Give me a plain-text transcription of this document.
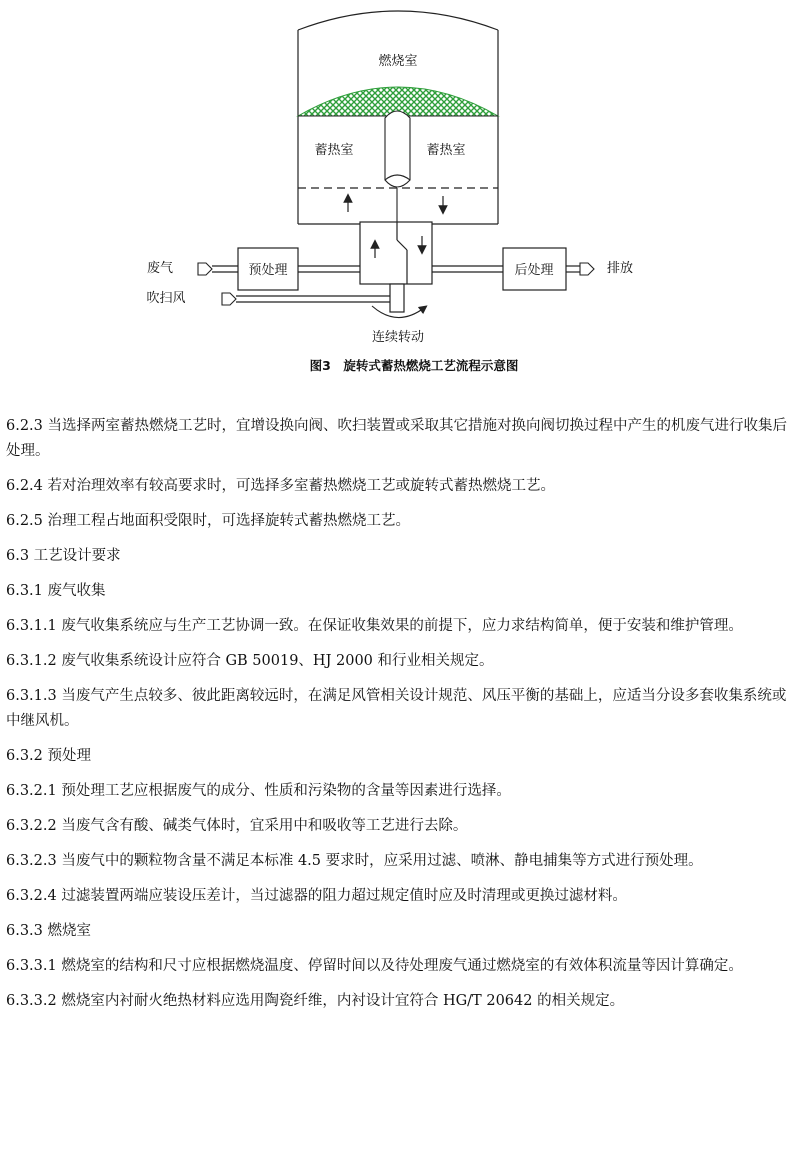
预处理	后处理
燃烧室
蓄热室	蓄热室
废气
吹扫风
排放
连续转动
图3　旋转式蓄热燃烧工艺流程示意图

6.2.3 当选择两室蓄热燃烧工艺时，宜增设换向阀、吹扫装置或采取其它措施对换向阀切换过程中产生的机废气进行收集后处理。

6.2.4 若对治理效率有较高要求时，可选择多室蓄热燃烧工艺或旋转式蓄热燃烧工艺。

6.2.5 治理工程占地面积受限时，可选择旋转式蓄热燃烧工艺。

6.3 工艺设计要求

6.3.1 废气收集

6.3.1.1 废气收集系统应与生产工艺协调一致。在保证收集效果的前提下，应力求结构简单，便于安装和维护管理。

6.3.1.2 废气收集系统设计应符合 GB 50019、HJ 2000 和行业相关规定。

6.3.1.3 当废气产生点较多、彼此距离较远时，在满足风管相关设计规范、风压平衡的基础上，应适当分设多套收集系统或中继风机。

6.3.2 预处理

6.3.2.1 预处理工艺应根据废气的成分、性质和污染物的含量等因素进行选择。

6.3.2.2 当废气含有酸、碱类气体时，宜采用中和吸收等工艺进行去除。

6.3.2.3 当废气中的颗粒物含量不满足本标准 4.5 要求时，应采用过滤、喷淋、静电捕集等方式进行预处理。

6.3.2.4 过滤装置两端应装设压差计，当过滤器的阻力超过规定值时应及时清理或更换过滤材料。

6.3.3 燃烧室

6.3.3.1 燃烧室的结构和尺寸应根据燃烧温度、停留时间以及待处理废气通过燃烧室的有效体积流量等因计算确定。

6.3.3.2 燃烧室内衬耐火绝热材料应选用陶瓷纤维，内衬设计宜符合 HG/T 20642 的相关规定。
